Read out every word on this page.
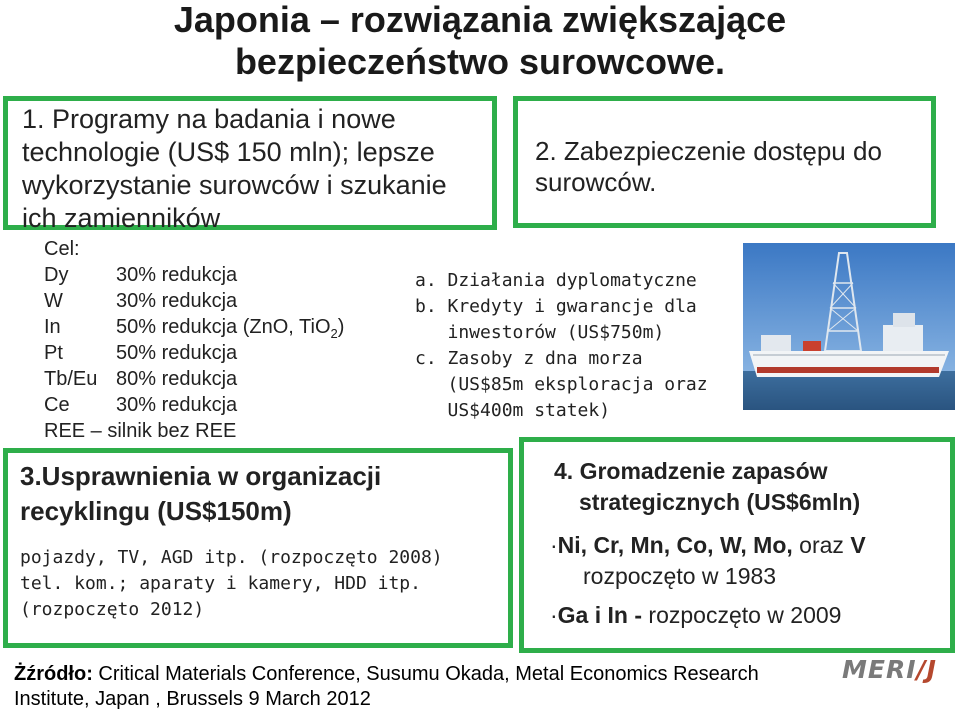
Japonia – rozwiązania zwiększające
bezpieczeństwo surowcowe.
1. Programy na badania i nowe
technologie (US$ 150 mln); lepsze
wykorzystanie surowców i szukanie
ich zamienników
Cel:
Dy 30% redukcja
W	30% redukcja
In	50% redukcja (ZnO, TiO$_2$)
Pt	50% redukcja
Tb/Eu 80% redukcja
Ce 30% redukcja
REE – silnik bez REE
2. Zabezpieczenie dostępu do
surowców.
a. Działania dyplomatyczne
b. Kredyty i gwarancje dla
inwestorów (US$750m)
c. Zasoby z dna morza
(US$85m eksploracja oraz
US$400m statek)
3.Usprawnienia w organizacji
recyklingu (US$150m)
pojazdy, TV, AGD itp. (rozpoczęto 2008)
tel. kom.; aparaty i kamery, HDD itp.
(rozpoczęto 2012)
4. Gromadzenie zapasów
strategicznych (US$6mln)
·Ni, Cr, Mn, Co, W, Mo, oraz V
rozpoczęto w 1983
·Ga i In - rozpoczęto w 2009
Żźródło: Critical Materials Conference, Susumu Okada, Metal Economics Research
Institute, Japan , Brussels 9 March 2012
MERI/J
